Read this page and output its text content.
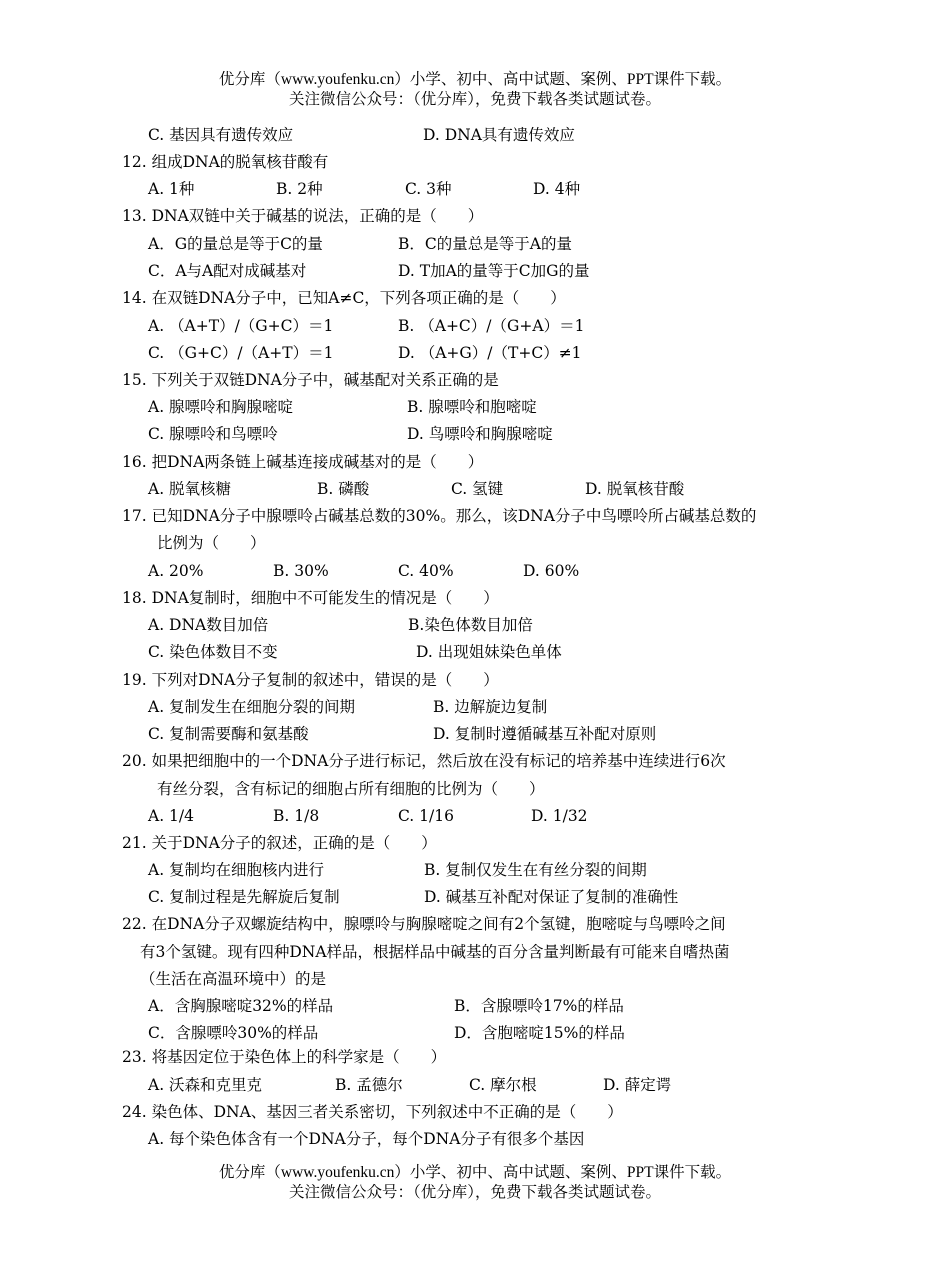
优分库（www.youfenku.cn）小学、初中、高中试题、案例、PPT课件下载。
关注微信公众号：（优分库），免费下载各类试题试卷。
C. 基因具有遗传效应	D. DNA具有遗传效应
12. 组成DNA的脱氧核苷酸有
A. 1种	B. 2种	C. 3种	D. 4种
13. DNA双链中关于碱基的说法，正确的是（　　）
A．G的量总是等于C的量	B．C的量总是等于A的量
C．A与A配对成碱基对	D. T加A的量等于C加G的量
14. 在双链DNA分子中，已知A≠C，下列各项正确的是（　　）
A. （A+T）/（G+C）＝1	B. （A+C）/（G+A）＝1
C. （G+C）/（A+T）＝1	D. （A+G）/（T+C）≠1
15. 下列关于双链DNA分子中，碱基配对关系正确的是
A. 腺嘌呤和胸腺嘧啶	B. 腺嘌呤和胞嘧啶
C. 腺嘌呤和鸟嘌呤	D. 鸟嘌呤和胸腺嘧啶
16. 把DNA两条链上碱基连接成碱基对的是（　　）
A. 脱氧核糖	B. 磷酸	C. 氢键	D. 脱氧核苷酸
17. 已知DNA分子中腺嘌呤占碱基总数的30%。那么，该DNA分子中鸟嘌呤所占碱基总数的
比例为（　　）
A. 20%	B. 30%	C. 40%	D. 60%
18. DNA复制时，细胞中不可能发生的情况是（　　）
A. DNA数目加倍	B.染色体数目加倍
C. 染色体数目不变	D. 出现姐妹染色单体
19. 下列对DNA分子复制的叙述中，错误的是（　　）
A. 复制发生在细胞分裂的间期	B. 边解旋边复制
C. 复制需要酶和氨基酸	D. 复制时遵循碱基互补配对原则
20. 如果把细胞中的一个DNA分子进行标记，然后放在没有标记的培养基中连续进行6次
有丝分裂，含有标记的细胞占所有细胞的比例为（　　）
A. 1/4	B. 1/8	C. 1/16	D. 1/32
21. 关于DNA分子的叙述，正确的是（　　）
A. 复制均在细胞核内进行	B. 复制仅发生在有丝分裂的间期
C. 复制过程是先解旋后复制	D. 碱基互补配对保证了复制的准确性
22. 在DNA分子双螺旋结构中，腺嘌呤与胸腺嘧啶之间有2个氢键，胞嘧啶与鸟嘌呤之间
有3个氢键。现有四种DNA样品，根据样品中碱基的百分含量判断最有可能来自嗜热菌
（生活在高温环境中）的是
A．含胸腺嘧啶32%的样品	B．含腺嘌呤17%的样品
C．含腺嘌呤30%的样品	D．含胞嘧啶15%的样品
23. 将基因定位于染色体上的科学家是（　　）
A. 沃森和克里克	B. 孟德尔	C. 摩尔根	D. 薛定谔
24. 染色体、DNA、基因三者关系密切，下列叙述中不正确的是（　　）
A. 每个染色体含有一个DNA分子，每个DNA分子有很多个基因
优分库（www.youfenku.cn）小学、初中、高中试题、案例、PPT课件下载。
关注微信公众号：（优分库），免费下载各类试题试卷。
